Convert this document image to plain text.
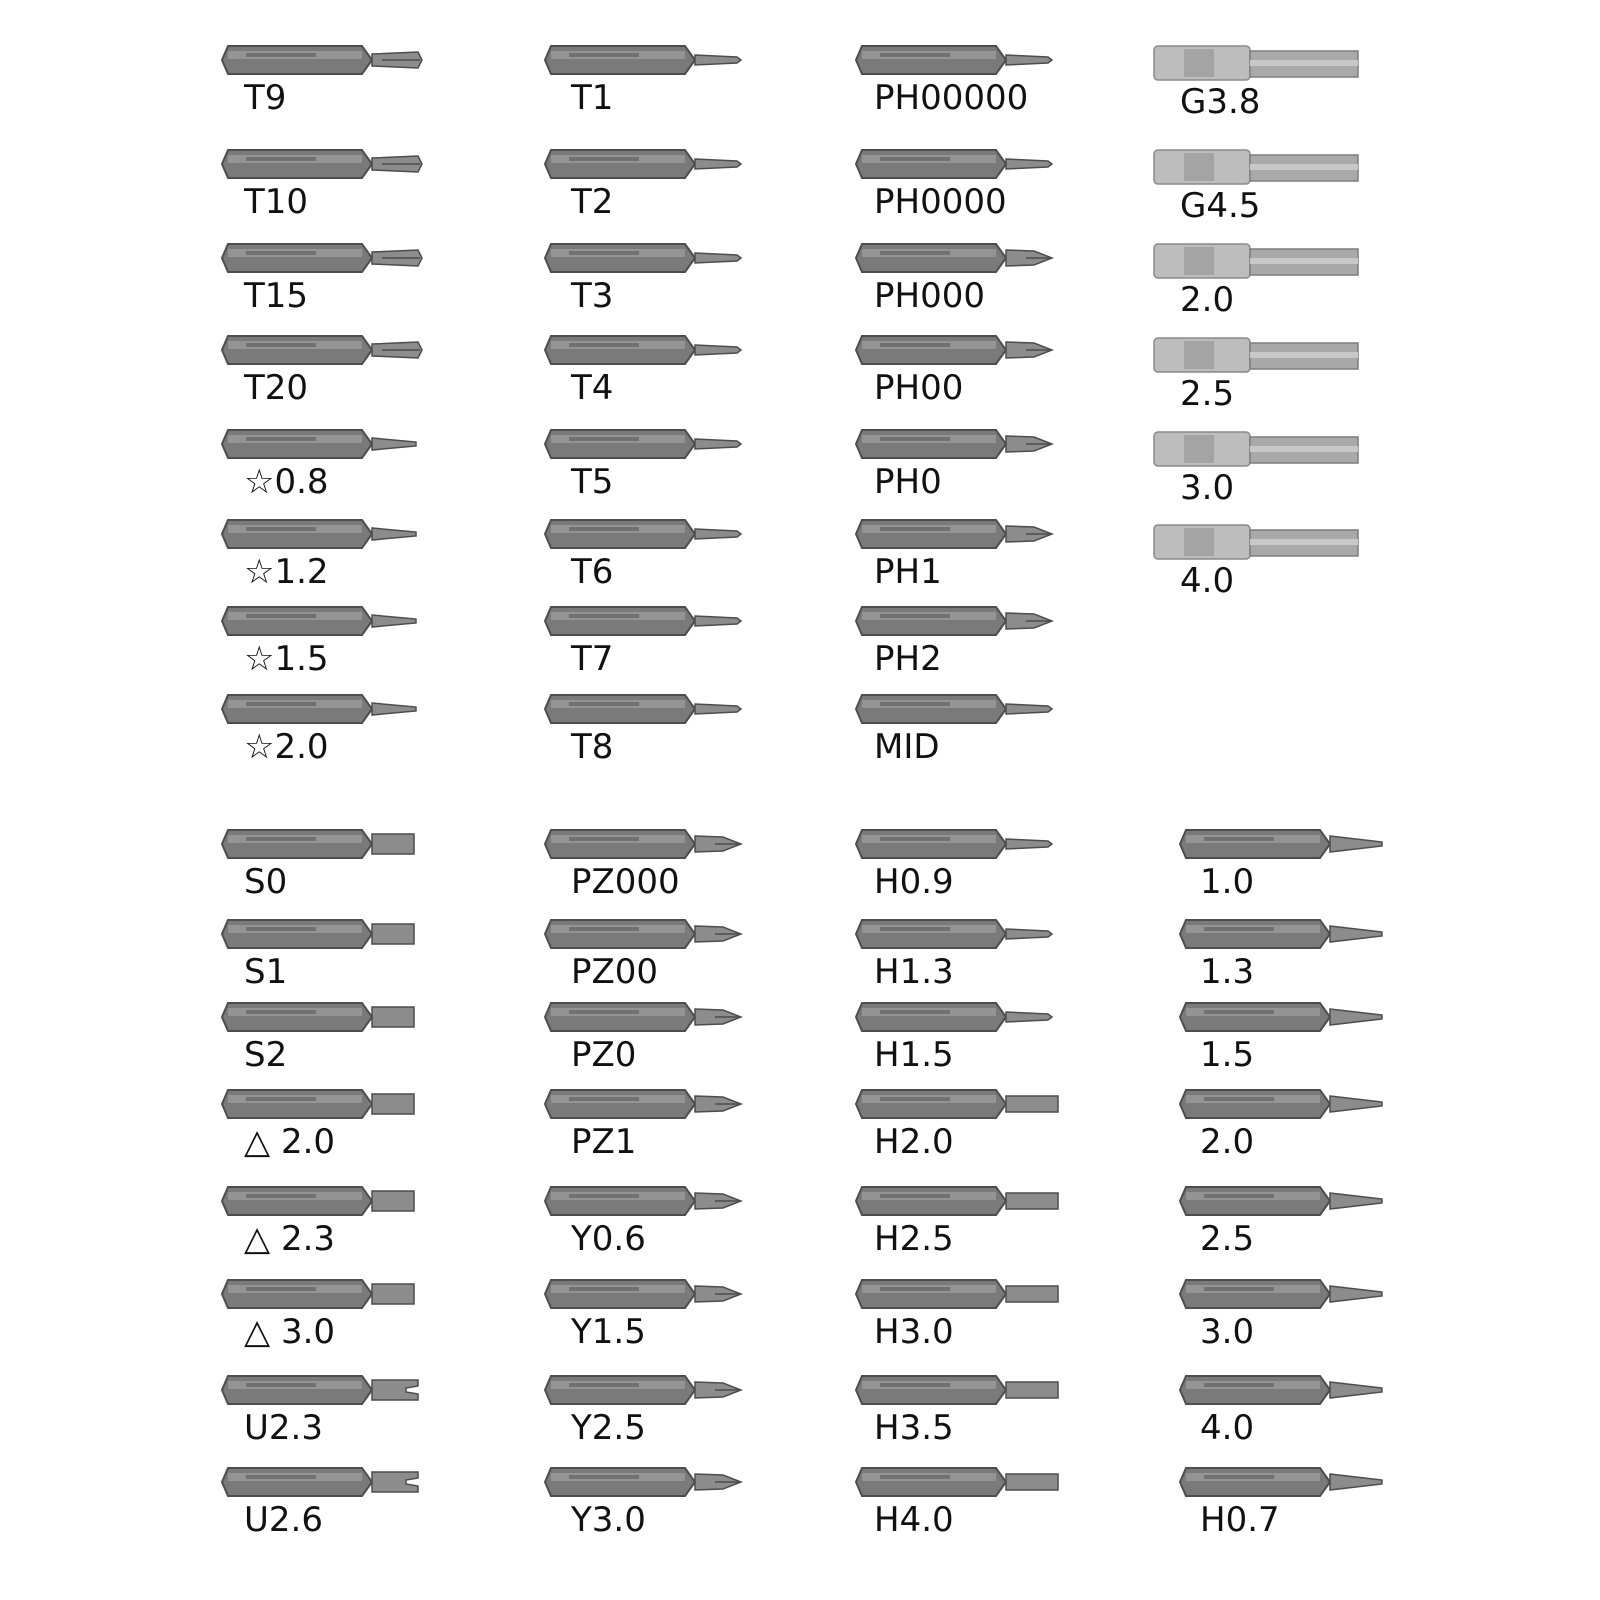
T9
T10
T15
T20
☆0.8
☆1.2
☆1.5
☆2.0
T1
T2
T3
T4
T5
T6
T7
T8
PH00000
PH0000
PH000
PH00
PH0
PH1
PH2
MID
G3.8
G4.5
2.0
2.5
3.0
4.0
S0
S1
S2
△ 2.0
△ 2.3
△ 3.0
U2.3
U2.6
PZ000
PZ00
PZ0
PZ1
Y0.6
Y1.5
Y2.5
Y3.0
H0.9
H1.3
H1.5
H2.0
H2.5
H3.0
H3.5
H4.0
1.0
1.3
1.5
2.0
2.5
3.0
4.0
H0.7
